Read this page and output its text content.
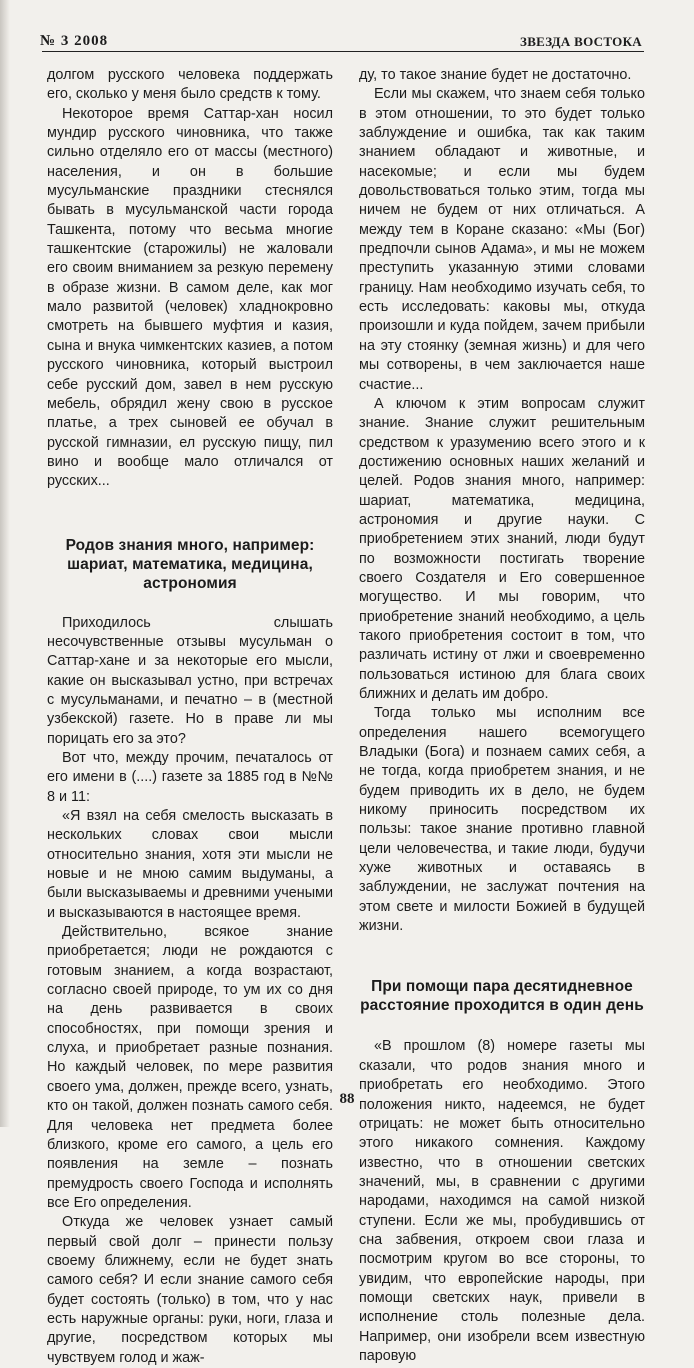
№ 3 2008	ЗВЕЗДА ВОСТОКА

долгом русского человека поддержать его, сколько у меня было средств к тому.

Некоторое время Саттар-хан носил мундир русского чиновника, что также сильно отделяло его от массы (местного) населения, и он в большие мусульманские праздники стеснялся бывать в мусульманской части города Ташкента, потому что весьма многие ташкентские (старожилы) не жаловали его своим вниманием за резкую перемену в образе жизни. В самом деле, как мог мало развитой (человек) хладнокровно смотреть на бывшего муфтия и казия, сына и внука чимкентских казиев, а потом русского чиновника, который выстроил себе русский дом, завел в нем русскую мебель, обрядил жену свою в русское платье, а трех сыновей ее обучал в русской гимназии, ел русскую пищу, пил вино и вообще мало отличался от русских...

Родов знания много, например: шариат, математика, медицина, астрономия

Приходилось слышать несочувственные отзывы мусульман о Саттар-хане и за некоторые его мысли, какие он высказывал устно, при встречах с мусульманами, и печатно – в (местной узбекской) газете. Но в праве ли мы порицать его за это?

Вот что, между прочим, печаталось от его имени в (....) газете за 1885 год в №№ 8 и 11:

«Я взял на себя смелость высказать в нескольких словах свои мысли относительно знания, хотя эти мысли не новые и не мною самим выдуманы, а были высказываемы и древними учеными и высказываются в настоящее время.

Действительно, всякое знание приобретается; люди не рождаются с готовым знанием, а когда возрастают, согласно своей природе, то ум их со дня на день развивается в своих способностях, при помощи зрения и слуха, и приобретает разные познания. Но каждый человек, по мере развития своего ума, должен, прежде всего, узнать, кто он такой, должен познать самого себя. Для человека нет предмета более близкого, кроме его самого, а цель его появления на земле – познать премудрость своего Господа и исполнять все Его определения.

Откуда же человек узнает самый первый свой долг – принести пользу своему ближнему, если не будет знать самого себя? И если знание самого себя будет состоять (только) в том, что у нас есть наружные органы: руки, ноги, глаза и другие, посредством которых мы чувствуем голод и жаж-

ду, то такое знание будет не достаточно.

Если мы скажем, что знаем себя только в этом отношении, то это будет только заблуждение и ошибка, так как таким знанием обладают и животные, и насекомые; и если мы будем довольствоваться только этим, тогда мы ничем не будем от них отличаться. А между тем в Коране сказано: «Мы (Бог) предпочли сынов Адама», и мы не можем преступить указанную этими словами границу. Нам необходимо изучать себя, то есть исследовать: каковы мы, откуда произошли и куда пойдем, зачем прибыли на эту стоянку (земная жизнь) и для чего мы сотворены, в чем заключается наше счастие...

А ключом к этим вопросам служит знание. Знание служит решительным средством к уразумению всего этого и к достижению основных наших желаний и целей. Родов знания много, например: шариат, математика, медицина, астрономия и другие науки. С приобретением этих знаний, люди будут по возможности постигать творение своего Создателя и Его совершенное могущество. И мы говорим, что приобретение знаний необходимо, а цель такого приобретения состоит в том, что различать истину от лжи и своевременно пользоваться истиною для блага своих ближних и делать им добро.

Тогда только мы исполним все определения нашего всемогущего Владыки (Бога) и познаем самих себя, а не тогда, когда приобретем знания, и не будем приводить их в дело, не будем никому приносить посредством их пользы: такое знание противно главной цели человечества, и такие люди, будучи хуже животных и оставаясь в заблуждении, не заслужат почтения на этом свете и милости Божией в будущей жизни.

При помощи пара десятидневное расстояние проходится в один день

«В прошлом (8) номере газеты мы сказали, что родов знания много и приобретать его необходимо. Этого положения никто, надеемся, не будет отрицать: не может быть относительно этого никакого сомнения. Каждому известно, что в отношении светских значений, мы, в сравнении с другими народами, находимся на самой низкой ступени. Если же мы, пробудившись от сна забвения, откроем свои глаза и посмотрим кругом во все стороны, то увидим, что европейские народы, при помощи светских наук, привели в исполнение столь полезные дела. Например, они изобрели всем известную паровую

88
